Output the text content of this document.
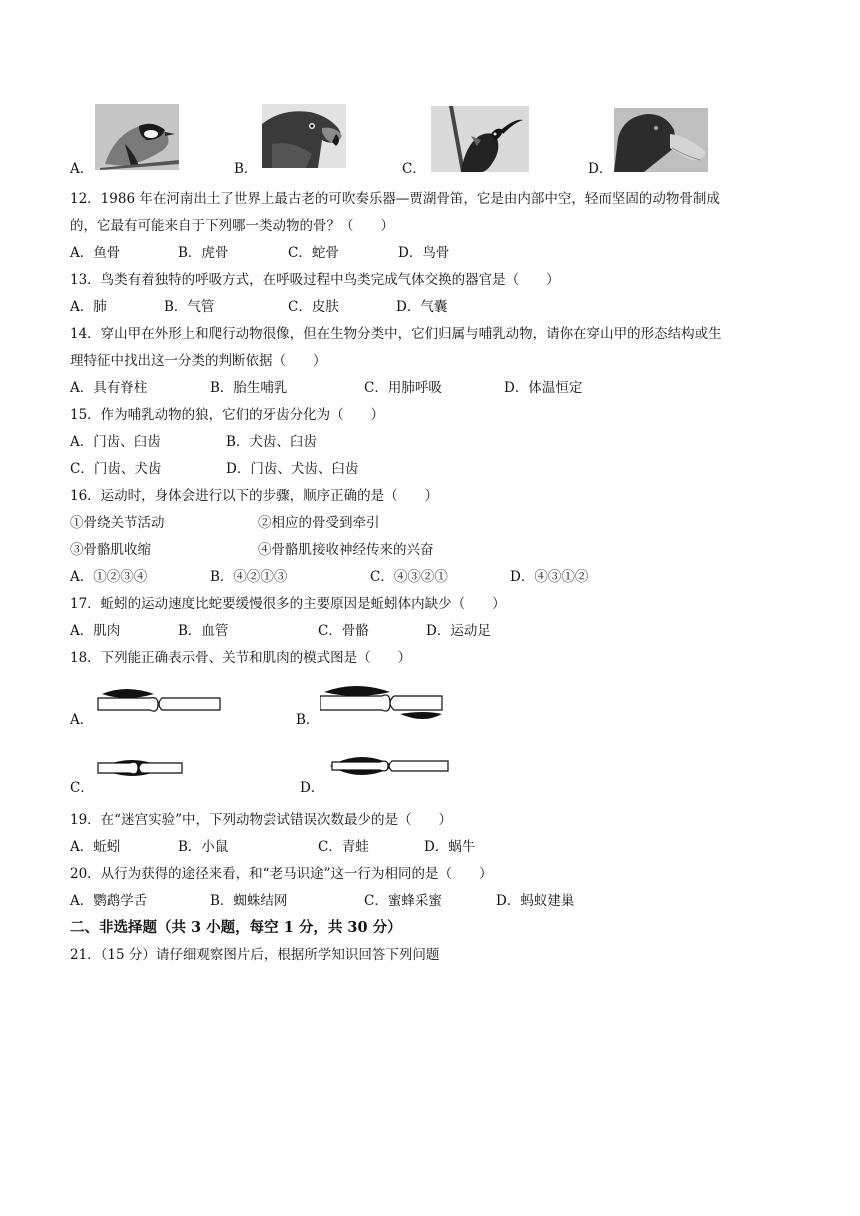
A．	B．	C．	D．
12．1986 年在河南出土了世界上最古老的可吹奏乐器—贾湖骨笛，它是由内部中空，轻而坚固的动物骨制成
的，它最有可能来自于下列哪一类动物的骨？（　　）
A．鱼骨	B．虎骨	C．蛇骨	D．鸟骨
13．鸟类有着独特的呼吸方式，在呼吸过程中鸟类完成气体交换的器官是（　　）
A．肺	B．气管	C．皮肤	D．气囊
14．穿山甲在外形上和爬行动物很像，但在生物分类中，它们归属与哺乳动物，请你在穿山甲的形态结构或生
理特征中找出这一分类的判断依据（　　）
A．具有脊柱	B．胎生哺乳	C．用肺呼吸	D．体温恒定
15．作为哺乳动物的狼，它们的牙齿分化为（　　）
A．门齿、臼齿	B．犬齿、臼齿
C．门齿、犬齿	D．门齿、犬齿、臼齿
16．运动时，身体会进行以下的步骤，顺序正确的是（　　）
①骨绕关节活动	②相应的骨受到牵引
③骨骼肌收缩	④骨骼肌接收神经传来的兴奋
A．①②③④	B．④②①③	C．④③②①	D．④③①②
17．蚯蚓的运动速度比蛇要缓慢很多的主要原因是蚯蚓体内缺少（　　）
A．肌肉	B．血管	C．骨骼	D．运动足
18．下列能正确表示骨、关节和肌肉的模式图是（　　）
A．	B．
C．	D．
19．在“迷宫实验”中，下列动物尝试错误次数最少的是（　　）
A．蚯蚓	B．小鼠	C．青蛙	D．蜗牛
20．从行为获得的途径来看，和“老马识途”这一行为相同的是（　　）
A．鹦鹉学舌	B．蜘蛛结网	C．蜜蜂采蜜	D．蚂蚁建巢
二、非选择题（共 3 小题，每空 1 分，共 30 分）
21．（15 分）请仔细观察图片后，根据所学知识回答下列问题
